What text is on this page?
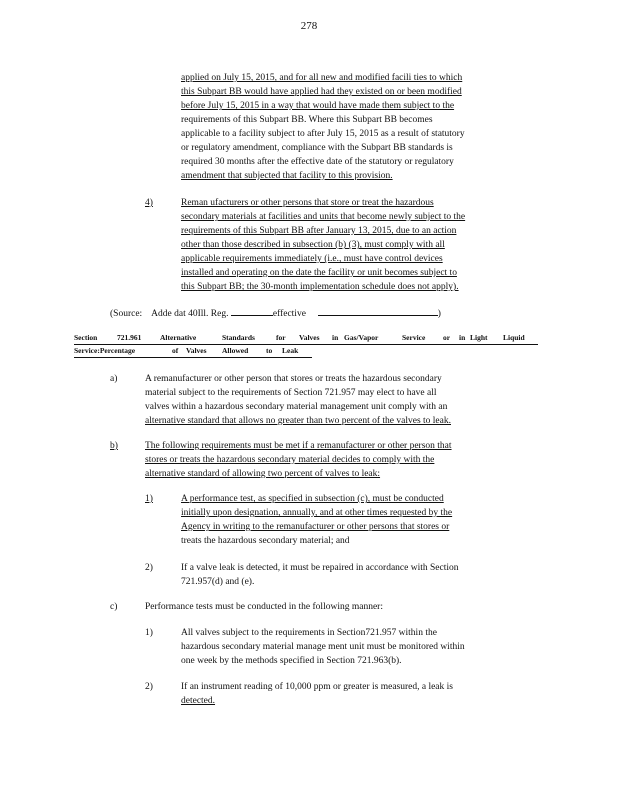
278
applied on July 15, 2015, and for all new and modified facili ties to which
this Subpart BB would have applied had they existed on or been modified
before July 15, 2015 in a way that would have made them subject to the
requirements of this Subpart BB. Where this Subpart BB becomes
applicable to a facility subject to after July 15, 2015 as a result of statutory
or regulatory amendment, compliance with the Subpart BB standards is
required 30 months after the effective date of the statutory or regulatory
amendment that subjected that facility to this provision.
4)	Reman ufacturers or other persons that store or treat the hazardous
secondary materials at facilities and units that become newly subject to the
requirements of this Subpart BB after January 13, 2015, due to an action
other than those described in subsection (b) (3), must comply with all
applicable requirements immediately (i.e., must have control devices
installed and operating on the date the facility or unit becomes subject to
this Subpart BB; the 30-month implementation schedule does not apply).
(Source: Adde dat 40Ill. Reg.	effective	)
Section	721.961 Alternative	Standards	for Valves in Gas/Vapor	Service or in Light Liquid
Service:Percentage	of Valves Allowed to Leak
a)	A remanufacturer or other person that stores or treats the hazardous secondary
material subject to the requirements of Section 721.957 may elect to have all
valves within a hazardous secondary material management unit comply with an
alternative standard that allows no greater than two percent of the valves to leak.
b)	The following requirements must be met if a remanufacturer or other person that
stores or treats the hazardous secondary material decides to comply with the
alternative standard of allowing two percent of valves to leak:
1)	A performance test, as specified in subsection (c), must be conducted
initially upon designation, annually, and at other times requested by the
Agency in writing to the remanufacturer or other persons that stores or
treats the hazardous secondary material; and
2)	If a valve leak is detected, it must be repaired in accordance with Section
721.957(d) and (e).
c)	Performance tests must be conducted in the following manner:
1)	All valves subject to the requirements in Section721.957 within the
hazardous secondary material manage ment unit must be monitored within
one week by the methods specified in Section 721.963(b).
2)	If an instrument reading of 10,000 ppm or greater is measured, a leak is
detected.
